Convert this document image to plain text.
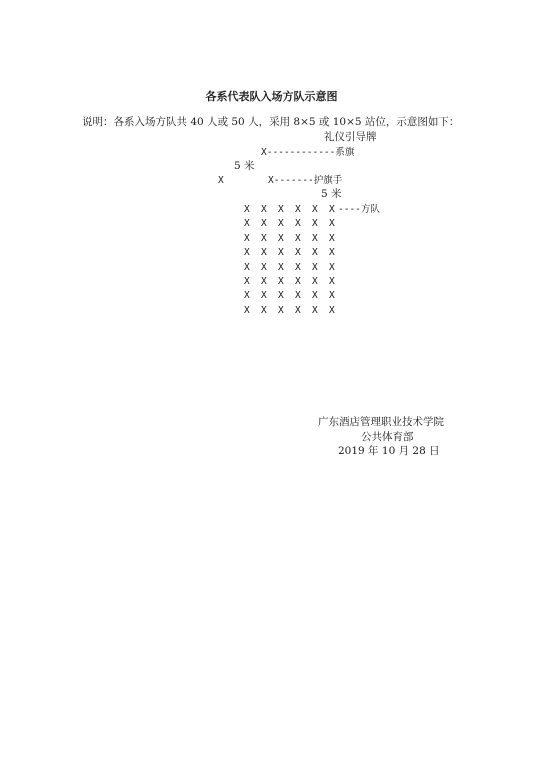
各系代表队入场方队示意图
说明：各系入场方队共 40 人或 50 人，采用 8×5 或 10×5 站位，示意图如下：
礼仪引导牌
X------------系旗
5 米
X	X-------护旗手
5 米
X	X	X	X	X	X ----方队
X	X	X	X	X	X
X	X	X	X	X	X
X	X	X	X	X	X
X	X	X	X	X	X
X	X	X	X	X	X
X	X	X	X	X	X
X	X	X	X	X	X
广东酒店管理职业技术学院
公共体育部
2019 年 10 月 28 日
